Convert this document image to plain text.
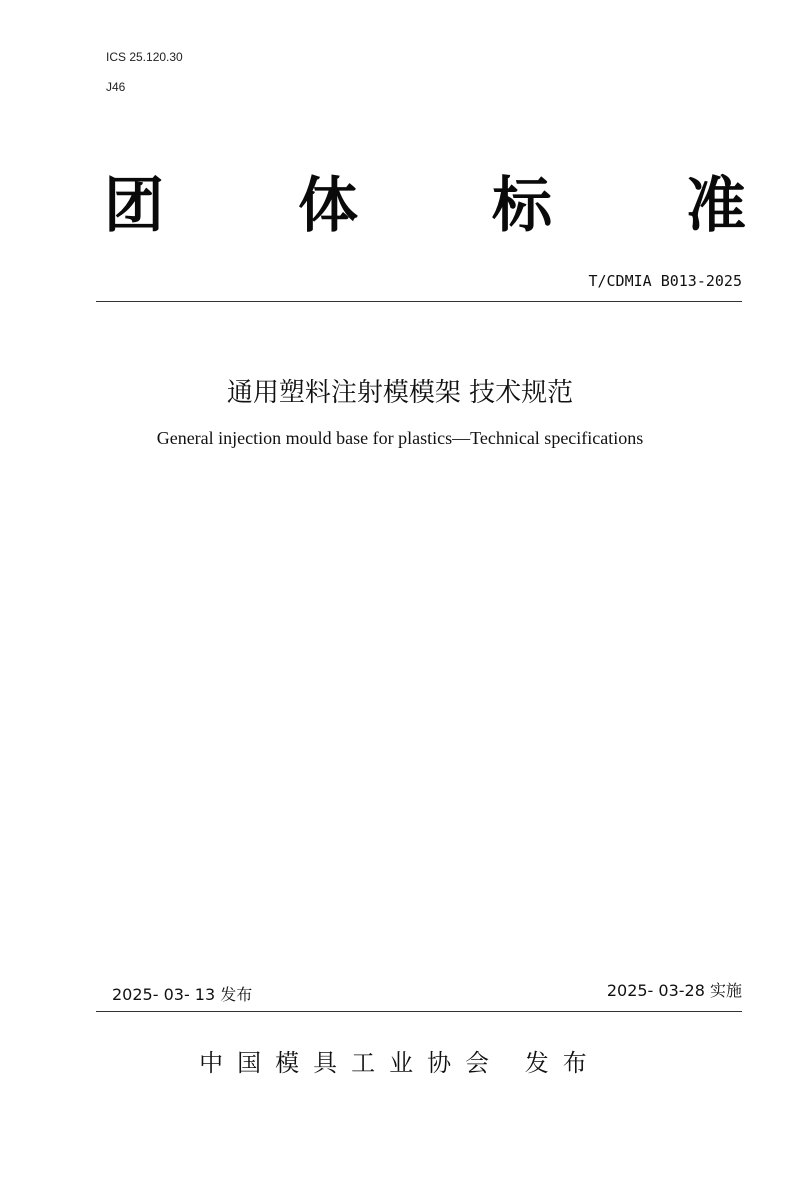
ICS 25.120.30
J46
团 体 标 准
T/CDMIA B013-2025
通用塑料注射模模架 技术规范
General injection mould base for plastics—Technical specifications
2025- 03- 13 发布	2025- 03-28 实施
中国模具工业协会 发布
